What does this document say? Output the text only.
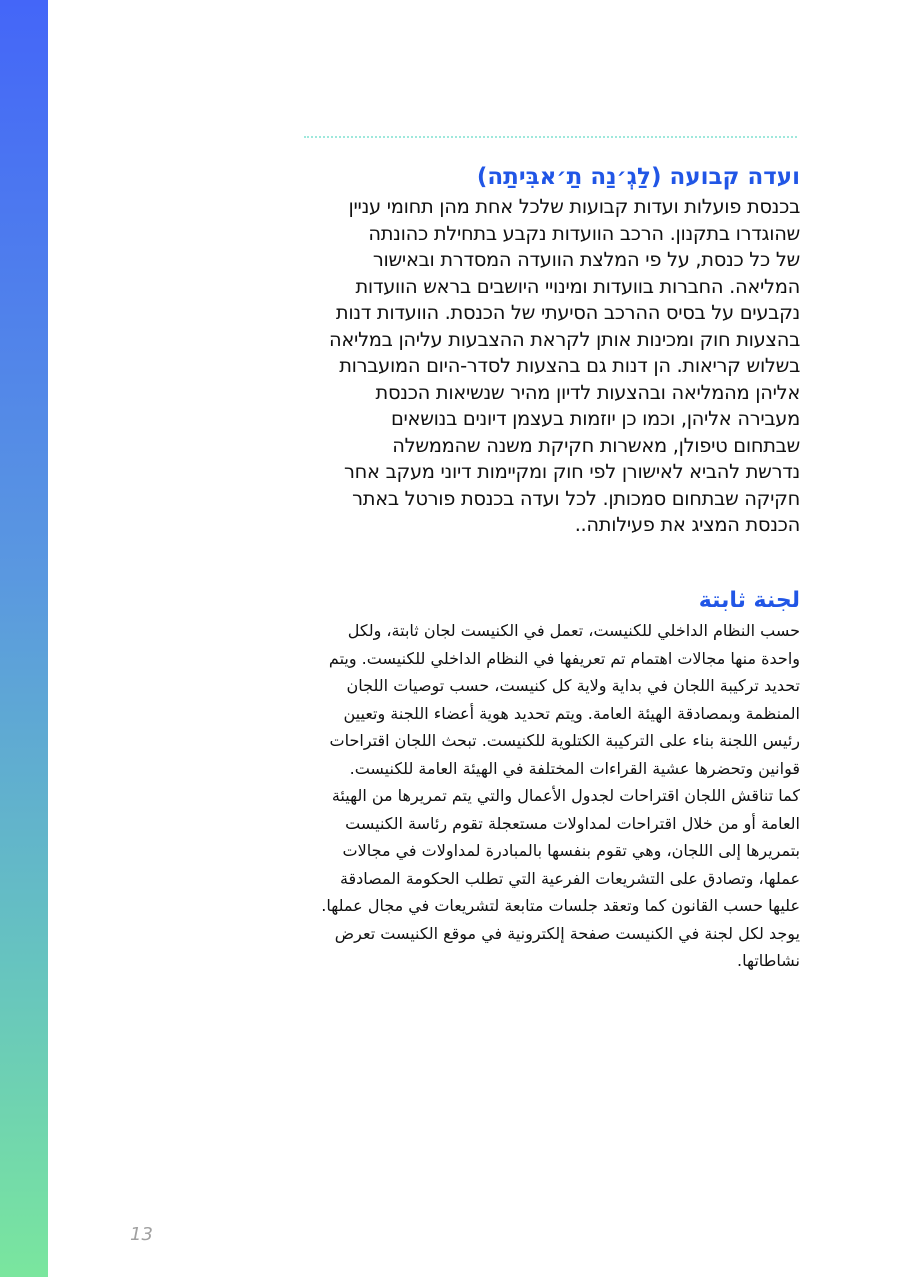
ועדה קבועה (לַגְ׳נַה תַ׳אבִּיתַה)

בכנסת פועלות ועדות קבועות שלכל אחת מהן תחומי עניין
שהוגדרו בתקנון. הרכב הוועדות נקבע בתחילת כהונתה
של כל כנסת, על פי המלצת הוועדה המסדרת ובאישור
המליאה. החברות בוועדות ומינויי היושבים בראש הוועדות
נקבעים על בסיס ההרכב הסיעתי של הכנסת. הוועדות דנות
בהצעות חוק ומכינות אותן לקראת ההצבעות עליהן במליאה
בשלוש קריאות. הן דנות גם בהצעות לסדר-היום המועברות
אליהן מהמליאה ובהצעות לדיון מהיר שנשיאות הכנסת
מעבירה אליהן, וכמו כן יוזמות בעצמן דיונים בנושאים
שבתחום טיפולן, מאשרות חקיקת משנה שהממשלה
נדרשת להביא לאישורן לפי חוק ומקיימות דיוני מעקב אחר
חקיקה שבתחום סמכותן. לכל ועדה בכנסת פורטל באתר
הכנסת המציג את פעילותה..

لجنة ثابتة

حسب النظام الداخلي للكنيست، تعمل في الكنيست لجان ثابتة، ولكل
واحدة منها مجالات اهتمام تم تعريفها في النظام الداخلي للكنيست. ويتم
تحديد تركيبة اللجان في بداية ولاية كل كنيست، حسب توصيات اللجان
المنظمة وبمصادقة الهيئة العامة. ويتم تحديد هوية أعضاء اللجنة وتعيين
رئيس اللجنة بناء على التركيبة الكتلوية للكنيست. تبحث اللجان اقتراحات
قوانين وتحضرها عشية القراءات المختلفة في الهيئة العامة للكنيست.
كما تناقش اللجان اقتراحات لجدول الأعمال والتي يتم تمريرها من الهيئة
العامة أو من خلال اقتراحات لمداولات مستعجلة تقوم رئاسة الكنيست
بتمريرها إلى اللجان، وهي تقوم بنفسها بالمبادرة لمداولات في مجالات
عملها، وتصادق على التشريعات الفرعية التي تطلب الحكومة المصادقة
عليها حسب القانون كما وتعقد جلسات متابعة لتشريعات في مجال عملها.
يوجد لكل لجنة في الكنيست صفحة إلكترونية في موقع الكنيست تعرض
نشاطاتها.

13
